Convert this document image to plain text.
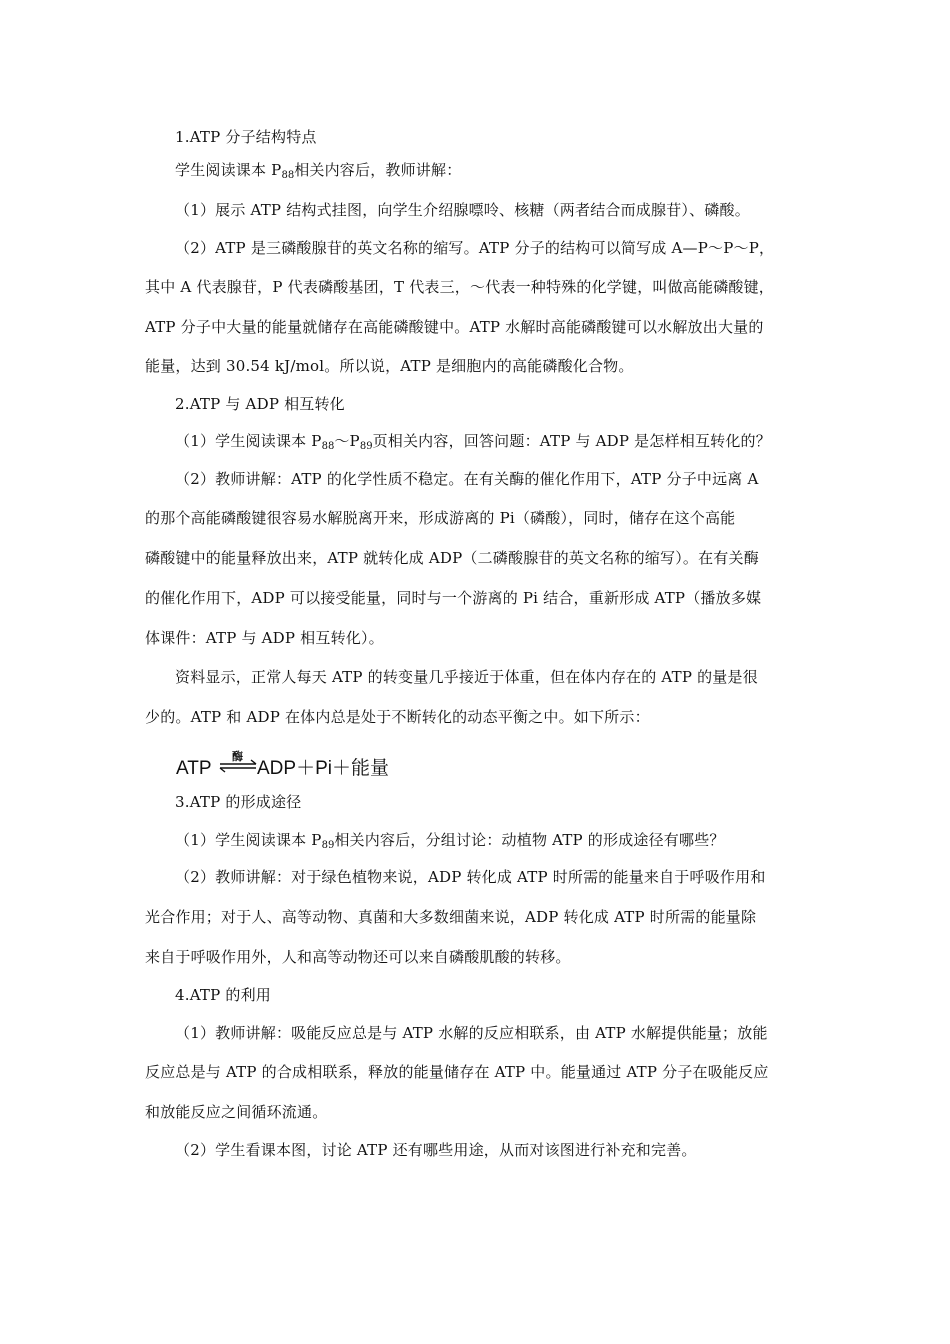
1.ATP 分子结构特点
学生阅读课本 $P_{88}$相关内容后，教师讲解：
（1）展示 ATP 结构式挂图，向学生介绍腺嘌呤、核糖（两者结合而成腺苷）、磷酸。
（2）ATP 是三磷酸腺苷的英文名称的缩写。ATP 分子的结构可以简写成 A—P～P～P，
其中 A 代表腺苷，P 代表磷酸基团，T 代表三，～代表一种特殊的化学键，叫做高能磷酸键，
ATP 分子中大量的能量就储存在高能磷酸键中。ATP 水解时高能磷酸键可以水解放出大量的
能量，达到 30.54 kJ/mol。所以说，ATP 是细胞内的高能磷酸化合物。
2.ATP 与 ADP 相互转化
（1）学生阅读课本 $P_{88}\sim P_{89}$页相关内容，回答问题：ATP 与 ADP 是怎样相互转化的？
（2）教师讲解：ATP 的化学性质不稳定。在有关酶的催化作用下，ATP 分子中远离 A
的那个高能磷酸键很容易水解脱离开来，形成游离的 Pi（磷酸），同时，储存在这个高能
磷酸键中的能量释放出来，ATP 就转化成 ADP（二磷酸腺苷的英文名称的缩写）。在有关酶
的催化作用下，ADP 可以接受能量，同时与一个游离的 Pi 结合，重新形成 ATP（播放多媒
体课件：ATP 与 ADP 相互转化）。
资料显示，正常人每天 ATP 的转变量几乎接近于体重，但在体内存在的 ATP 的量是很
少的。ATP 和 ADP 在体内总是处于不断转化的动态平衡之中。如下所示：
ATP
酶
ADP＋Pi＋能量
3.ATP 的形成途径
（1）学生阅读课本 $P_{89}$相关内容后，分组讨论：动植物 ATP 的形成途径有哪些？
（2）教师讲解：对于绿色植物来说，ADP 转化成 ATP 时所需的能量来自于呼吸作用和
光合作用；对于人、高等动物、真菌和大多数细菌来说，ADP 转化成 ATP 时所需的能量除
来自于呼吸作用外，人和高等动物还可以来自磷酸肌酸的转移。
4.ATP 的利用
（1）教师讲解：吸能反应总是与 ATP 水解的反应相联系，由 ATP 水解提供能量；放能
反应总是与 ATP 的合成相联系，释放的能量储存在 ATP 中。能量通过 ATP 分子在吸能反应
和放能反应之间循环流通。
（2）学生看课本图，讨论 ATP 还有哪些用途，从而对该图进行补充和完善。
